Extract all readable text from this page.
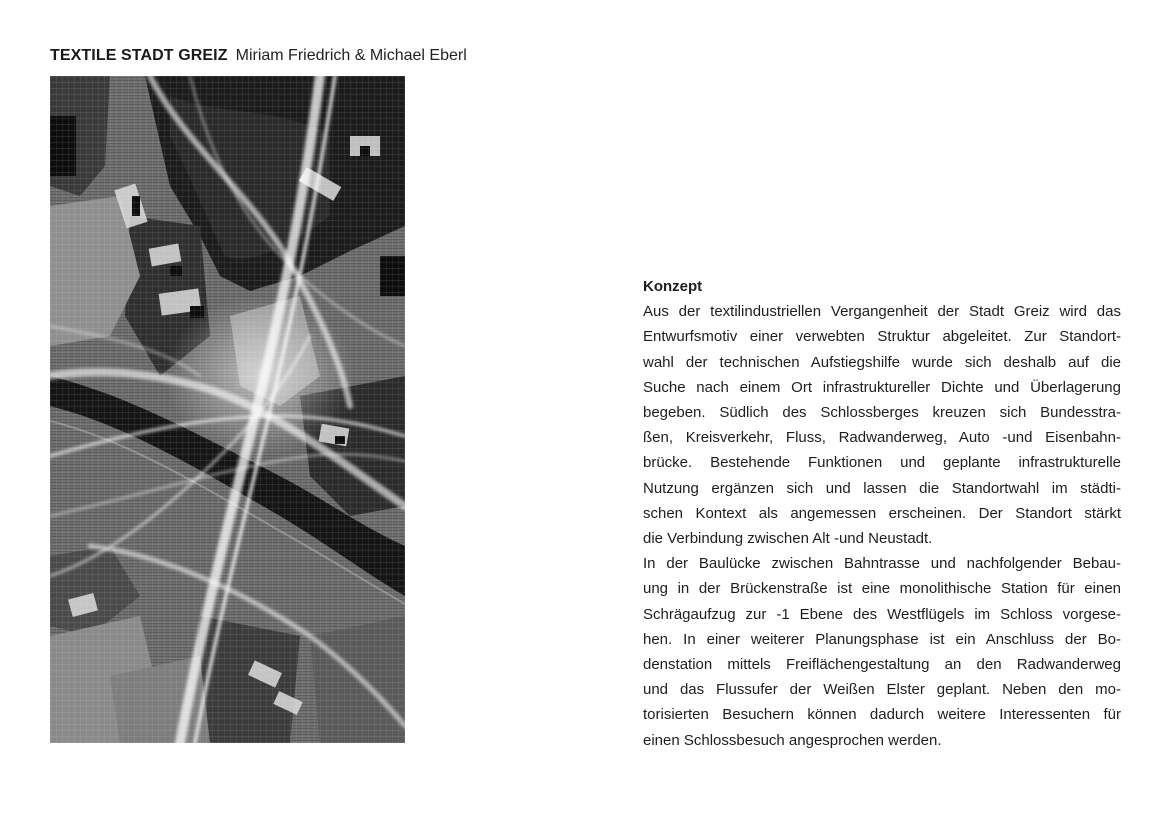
TEXTILE STADT GREIZ Miriam Friedrich & Michael Eberl
Konzept

Aus der textilindustriellen Vergangenheit der Stadt Greiz wird das
Entwurfsmotiv einer verwebten Struktur abgeleitet. Zur Standort-
wahl der technischen Aufstiegshilfe wurde sich deshalb auf die
Suche nach einem Ort infrastruktureller Dichte und Überlagerung
begeben. Südlich des Schlossberges kreuzen sich Bundesstra-
ßen, Kreisverkehr, Fluss, Radwanderweg, Auto -und Eisenbahn-
brücke. Bestehende Funktionen und geplante infrastrukturelle
Nutzung ergänzen sich und lassen die Standortwahl im städti-
schen Kontext als angemessen erscheinen. Der Standort stärkt
die Verbindung zwischen Alt -und Neustadt.

In der Baulücke zwischen Bahntrasse und nachfolgender Bebau-
ung in der Brückenstraße ist eine monolithische Station für einen
Schrägaufzug zur -1 Ebene des Westflügels im Schloss vorgese-
hen. In einer weiterer Planungsphase ist ein Anschluss der Bo-
denstation mittels Freiflächengestaltung an den Radwanderweg
und das Flussufer der Weißen Elster geplant. Neben den mo-
torisierten Besuchern können dadurch weitere Interessenten für
einen Schlossbesuch angesprochen werden.
